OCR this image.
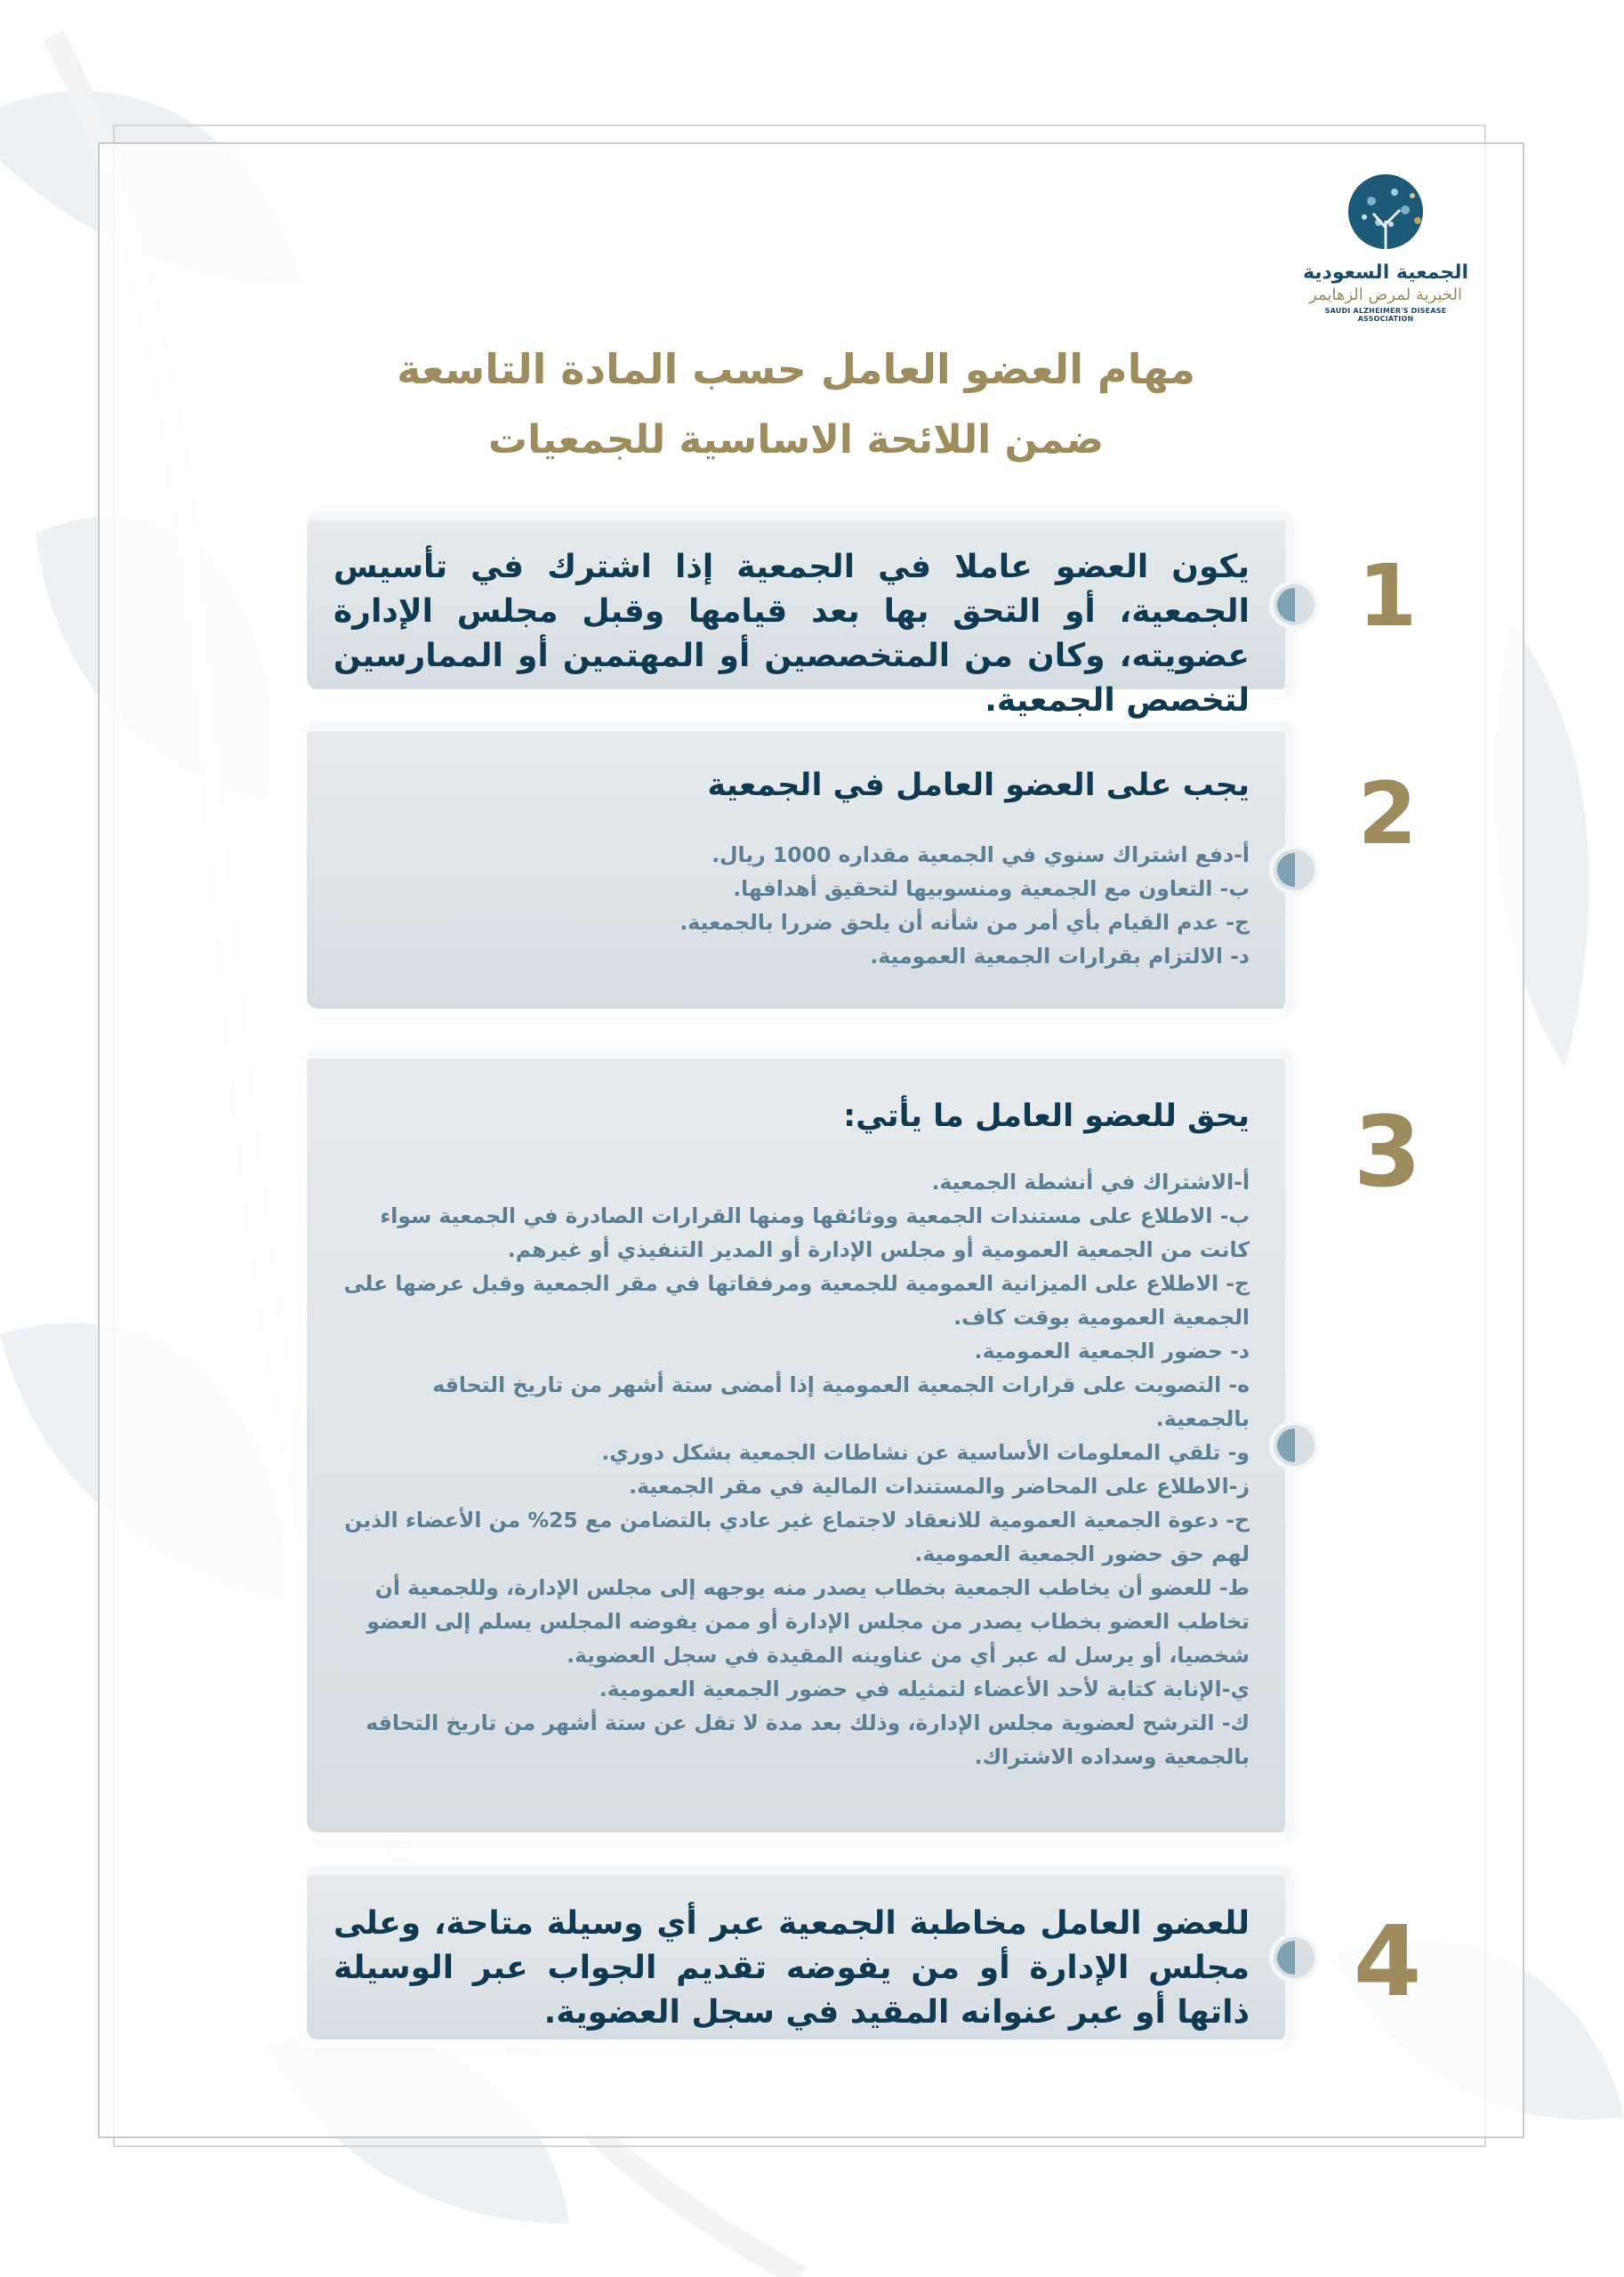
الجمعية السعودية
الخيرية لمرض الزهايمر
SAUDI ALZHEIMER'S DISEASE ASSOCIATION
مهام العضو العامل حسب المادة التاسعة
ضمن اللائحة الاساسية للجمعيات
يكون العضو عاملا في الجمعية إذا اشترك في تأسيس الجمعية، أو التحق بها بعد قيامها وقبل مجلس الإدارة عضويته، وكان من المتخصصين أو المهتمين أو الممارسين لتخصص الجمعية.
1
يجب على العضو العامل في الجمعية
أ-دفع اشتراك سنوي في الجمعية مقداره 1000 ريال.
ب- التعاون مع الجمعية ومنسوبيها لتحقيق أهدافها.
ج- عدم القيام بأي أمر من شأنه أن يلحق ضررا بالجمعية.
د- الالتزام بقرارات الجمعية العمومية.
2
يحق للعضو العامل ما يأتي:
أ-الاشتراك في أنشطة الجمعية.
ب- الاطلاع على مستندات الجمعية ووثائقها ومنها القرارات الصادرة في الجمعية سواء كانت من الجمعية العمومية أو مجلس الإدارة أو المدير التنفيذي أو غيرهم.
ج- الاطلاع على الميزانية العمومية للجمعية ومرفقاتها في مقر الجمعية وقبل عرضها على الجمعية العمومية بوقت كاف.
د- حضور الجمعية العمومية.
ه- التصويت على قرارات الجمعية العمومية إذا أمضى ستة أشهر من تاريخ التحاقه بالجمعية.
و- تلقي المعلومات الأساسية عن نشاطات الجمعية بشكل دوري.
ز-الاطلاع على المحاضر والمستندات المالية في مقر الجمعية.
ح- دعوة الجمعية العمومية للانعقاد لاجتماع غير عادي بالتضامن مع 25% من الأعضاء الذين لهم حق حضور الجمعية العمومية.
ط- للعضو أن يخاطب الجمعية بخطاب يصدر منه يوجهه إلى مجلس الإدارة، وللجمعية أن تخاطب العضو بخطاب يصدر من مجلس الإدارة أو ممن يفوضه المجلس يسلم إلى العضو شخصيا، أو يرسل له عبر أي من عناوينه المقيدة في سجل العضوية.
ي-الإنابة كتابة لأحد الأعضاء لتمثيله في حضور الجمعية العمومية.
ك- الترشح لعضوية مجلس الإدارة، وذلك بعد مدة لا تقل عن ستة أشهر من تاريخ التحاقه بالجمعية وسداده الاشتراك.
3
للعضو العامل مخاطبة الجمعية عبر أي وسيلة متاحة، وعلى مجلس الإدارة أو من يفوضه تقديم الجواب عبر الوسيلة ذاتها أو عبر عنوانه المقيد في سجل العضوية.	4
